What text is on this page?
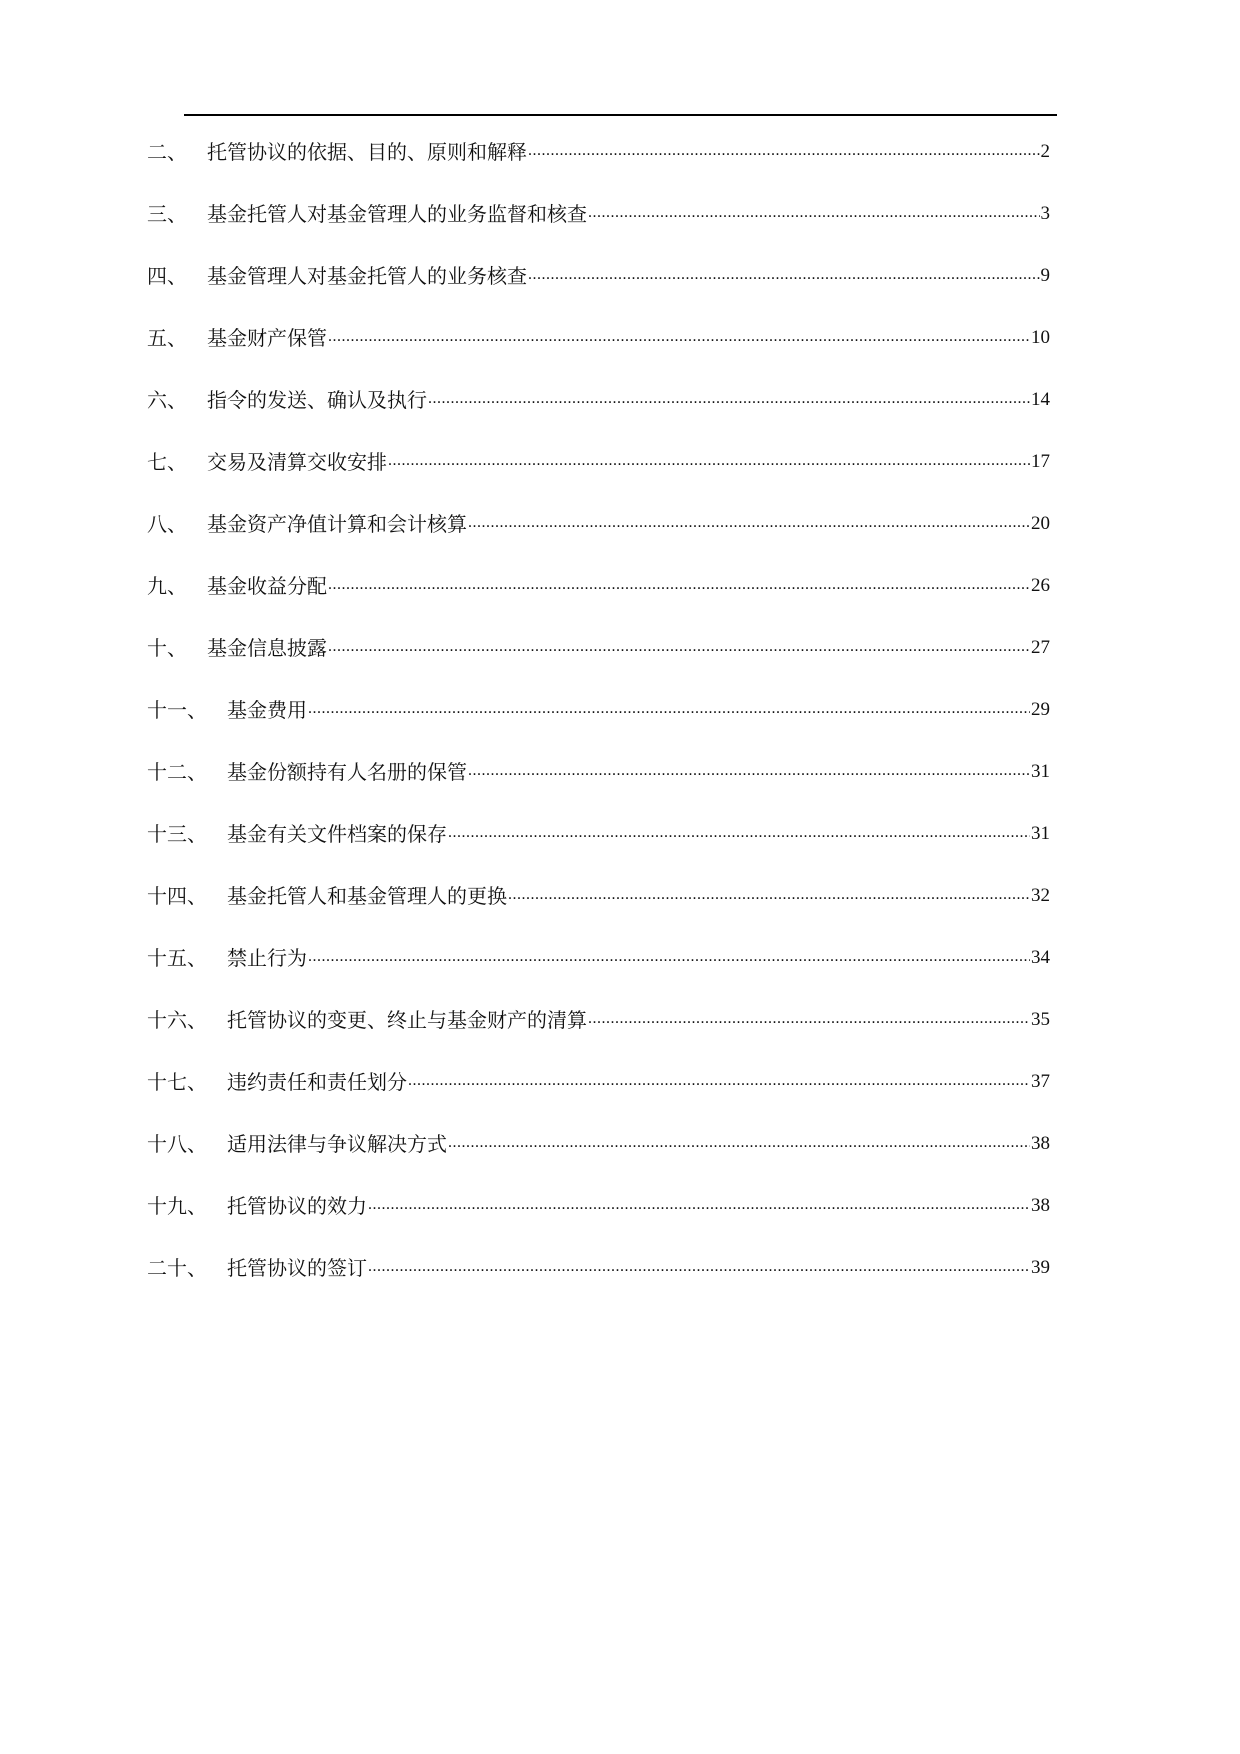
二、	托管协议的依据、目的、原则和解释 .....	2
三、	基金托管人对基金管理人的业务监督和核查 .....	3
四、	基金管理人对基金托管人的业务核查 .....	9
五、	基金财产保管 .....	10
六、	指令的发送、确认及执行 .....	14
七、	交易及清算交收安排 .....	17
八、	基金资产净值计算和会计核算 .....	20
九、	基金收益分配 .....	26
十、	基金信息披露 .....	27
十一、	基金费用 .....	29
十二、	基金份额持有人名册的保管 .....	31
十三、	基金有关文件档案的保存 .....	31
十四、	基金托管人和基金管理人的更换 .....	32
十五、	禁止行为 .....	34
十六、	托管协议的变更、终止与基金财产的清算 .....	35
十七、	违约责任和责任划分 .....	37
十八、	适用法律与争议解决方式 .....	38
十九、	托管协议的效力 .....	38
二十、	托管协议的签订 .....	39
